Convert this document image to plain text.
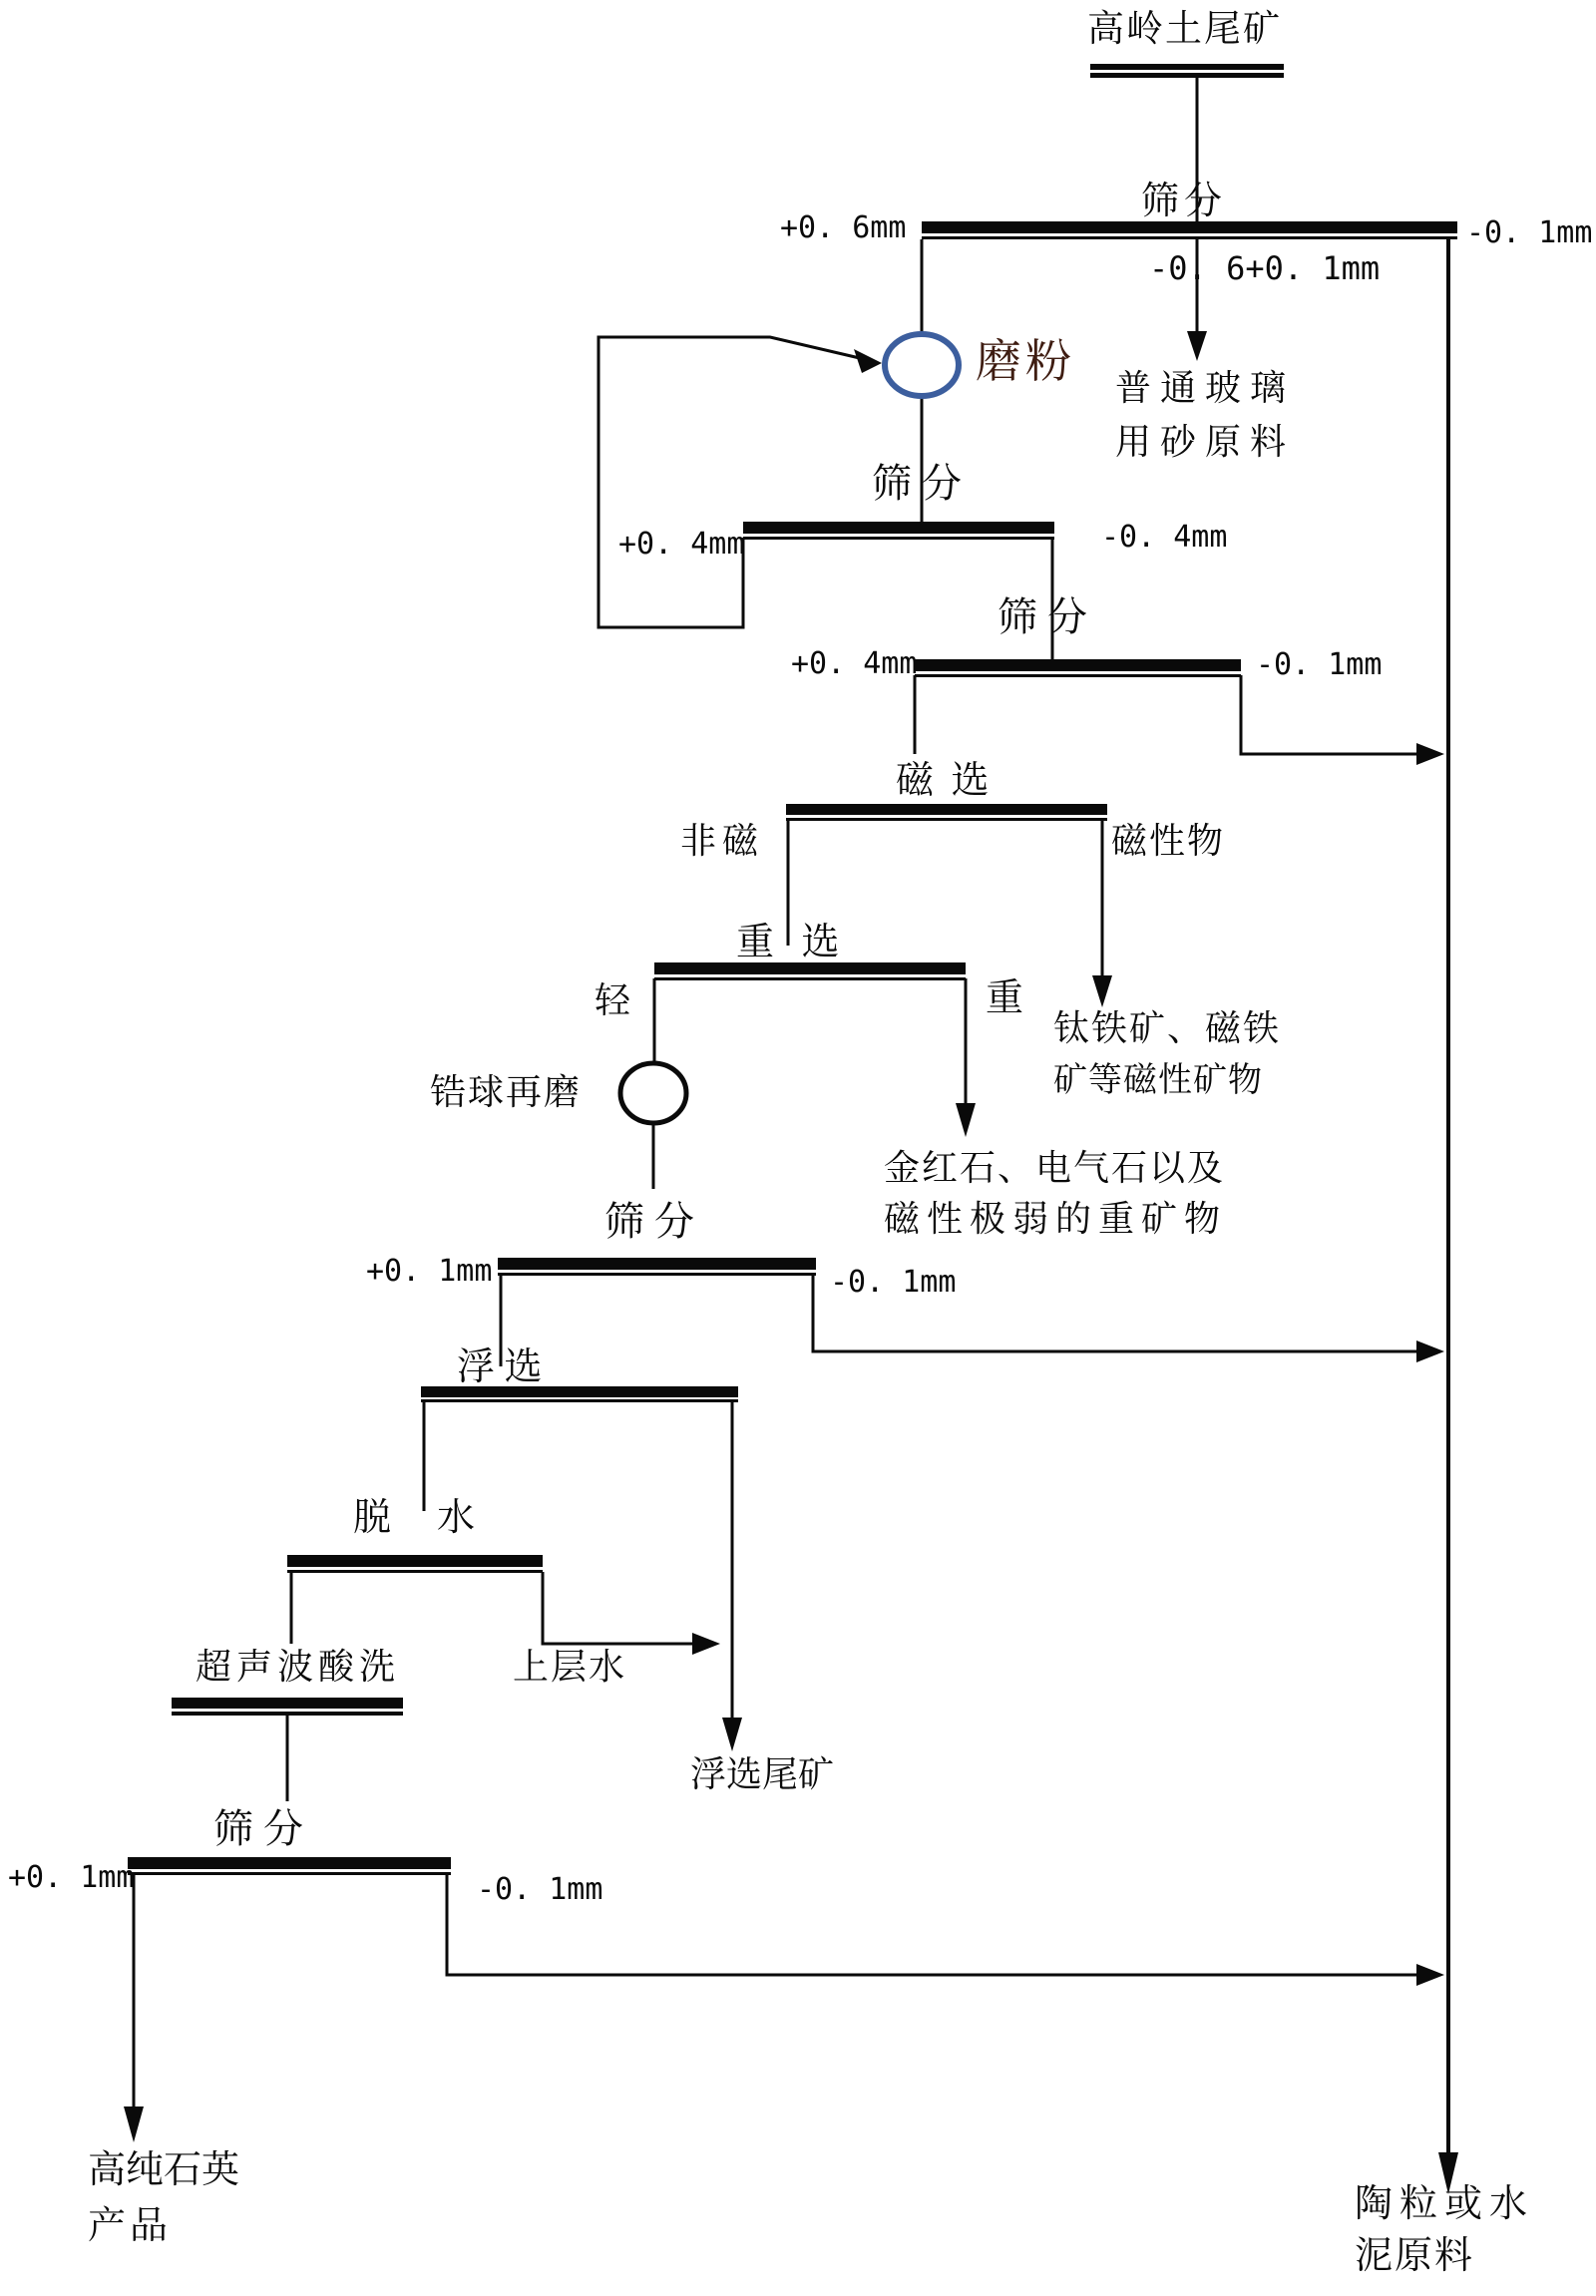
高岭土尾矿
筛分
+0. 6mm	-0. 1mm
-0. 6+0. 1mm
磨粉
普通玻璃
用砂原料
筛 分
+0. 4mm	-0. 4mm
筛 分
+0. 4mm	-0. 1mm
磁 选
非磁	磁性物
重 选
轻	重
钛铁矿、磁铁
矿等磁性矿物
锆球再磨
金红石、电气石以及
磁性极弱的重矿物
筛 分
+0. 1mm	-0. 1mm
浮 选
脱　水
上层水
超声波酸洗
浮选尾矿
筛 分
+0. 1mm	-0. 1mm
高纯石英
产品
陶粒或水
泥原料
